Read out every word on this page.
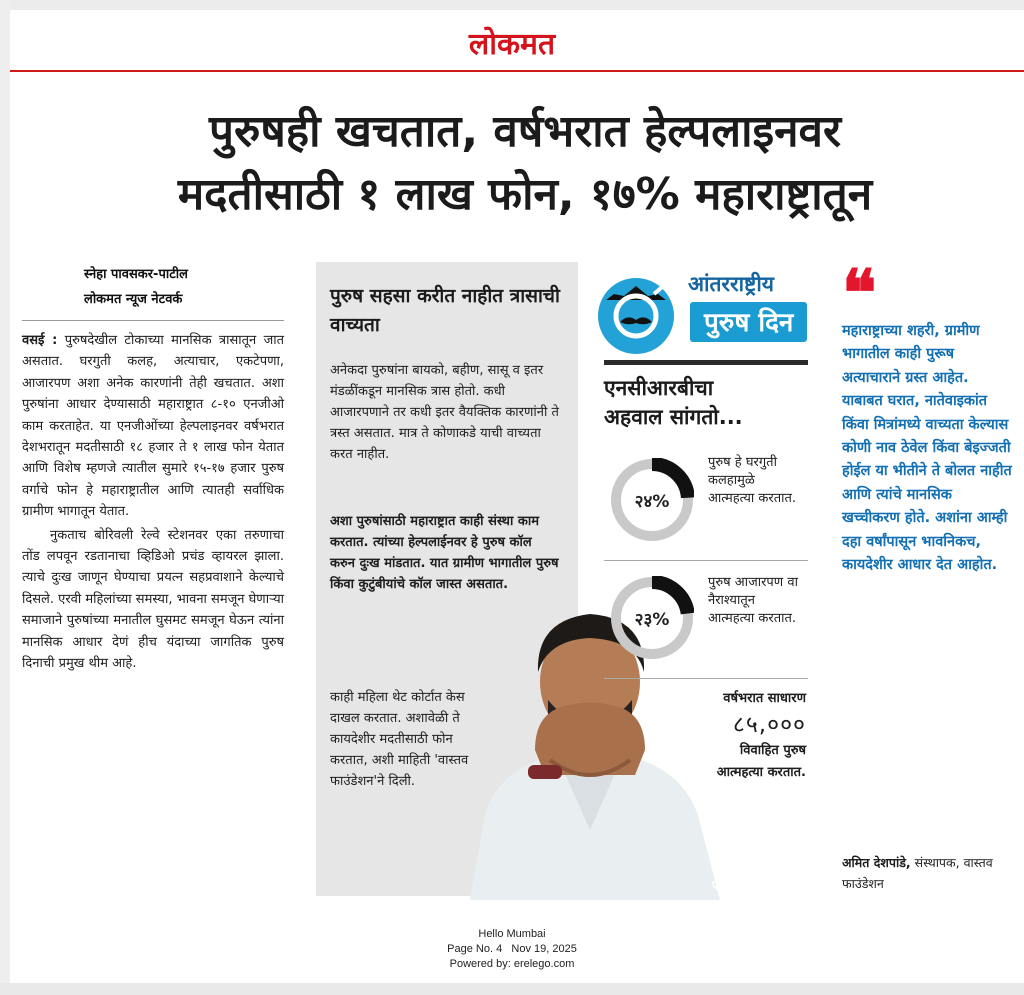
लोकमत
पुरुषही खचतात, वर्षभरात हेल्पलाइनवर
मदतीसाठी १ लाख फोन, १७% महाराष्ट्रातून
स्नेहा पावसकर-पाटील
लोकमत न्यूज नेटवर्क

वसई : पुरुषदेखील टोकाच्या मानसिक त्रासातून जात असतात. घरगुती कलह, अत्याचार, एकटेपणा, आजारपण अशा अनेक कारणांनी तेही खचतात. अशा पुरुषांना आधार देण्यासाठी महाराष्ट्रात ८-१० एनजीओ काम करताहेत. या एनजीओंच्या हेल्पलाइनवर वर्षभरात देशभरातून मदतीसाठी १८ हजार ते १ लाख फोन येतात आणि विशेष म्हणजे त्यातील सुमारे १५-१७ हजार पुरुष वर्गाचे फोन हे महाराष्ट्रातील आणि त्यातही सर्वाधिक ग्रामीण भागातून येतात.

नुकताच बोरिवली रेल्वे स्टेशनवर एका तरुणाचा तोंड लपवून रडतानाचा व्हिडिओ प्रचंड व्हायरल झाला. त्याचे दुःख जाणून घेण्याचा प्रयत्न सहप्रवाशाने केल्याचे दिसले. एरवी महिलांच्या समस्या, भावना समजून घेणाऱ्या समाजाने पुरुषांच्या मनातील घुसमट समजून घेऊन त्यांना मानसिक आधार देणं हीच यंदाच्या जागतिक पुरुष दिनाची प्रमुख थीम आहे.

पुरुष सहसा करीत नाहीत त्रासाची वाच्यता
अनेकदा पुरुषांना बायको, बहीण, सासू व इतर मंडळींकडून मानसिक त्रास होतो. कधी आजारपणाने तर कधी इतर वैयक्तिक कारणांनी ते त्रस्त असतात. मात्र ते कोणाकडे याची वाच्यता करत नाहीत.
अशा पुरुषांसाठी महाराष्ट्रात काही संस्था काम करतात. त्यांच्या हेल्पलाईनवर हे पुरुष कॉल करुन दुःख मांडतात. यात ग्रामीण भागातील पुरुष किंवा कुटुंबीयांचे कॉल जास्त असतात.
काही महिला थेट कोर्टात केस दाखल करतात. अशावेळी ते कायदेशीर मदतीसाठी फोन करतात, अशी माहिती 'वास्तव फाउंडेशन'ने दिली.
आंतरराष्ट्रीय
पुरुष दिन
एनसीआरबीचा
अहवाल सांगतो...
२४%
पुरुष हे घरगुती कलहामुळे आत्महत्या करतात.
२३%
पुरुष आजारपण वा नैराश्यातून आत्महत्या करतात.
वर्षभरात साधारण
८५,०००
विवाहित पुरुष आत्महत्या करतात.
एआय ईमेज
❝
महाराष्ट्राच्या शहरी, ग्रामीण भागातील काही पुरूष अत्याचाराने ग्रस्त आहेत. याबाबत घरात, नातेवाइकांत किंवा मित्रांमध्ये वाच्यता केल्यास कोणी नाव ठेवेल किंवा बेइज्जती होईल या भीतीने ते बोलत नाहीत आणि त्यांचे मानसिक खच्चीकरण होते. अशांना आम्ही दहा वर्षांपासून भावनिकच, कायदेशीर आधार देत आहोत.
अमित देशपांडे, संस्थापक, वास्तव फाउंडेशन
Hello Mumbai
Page No. 4 Nov 19, 2025
Powered by: erelego.com
